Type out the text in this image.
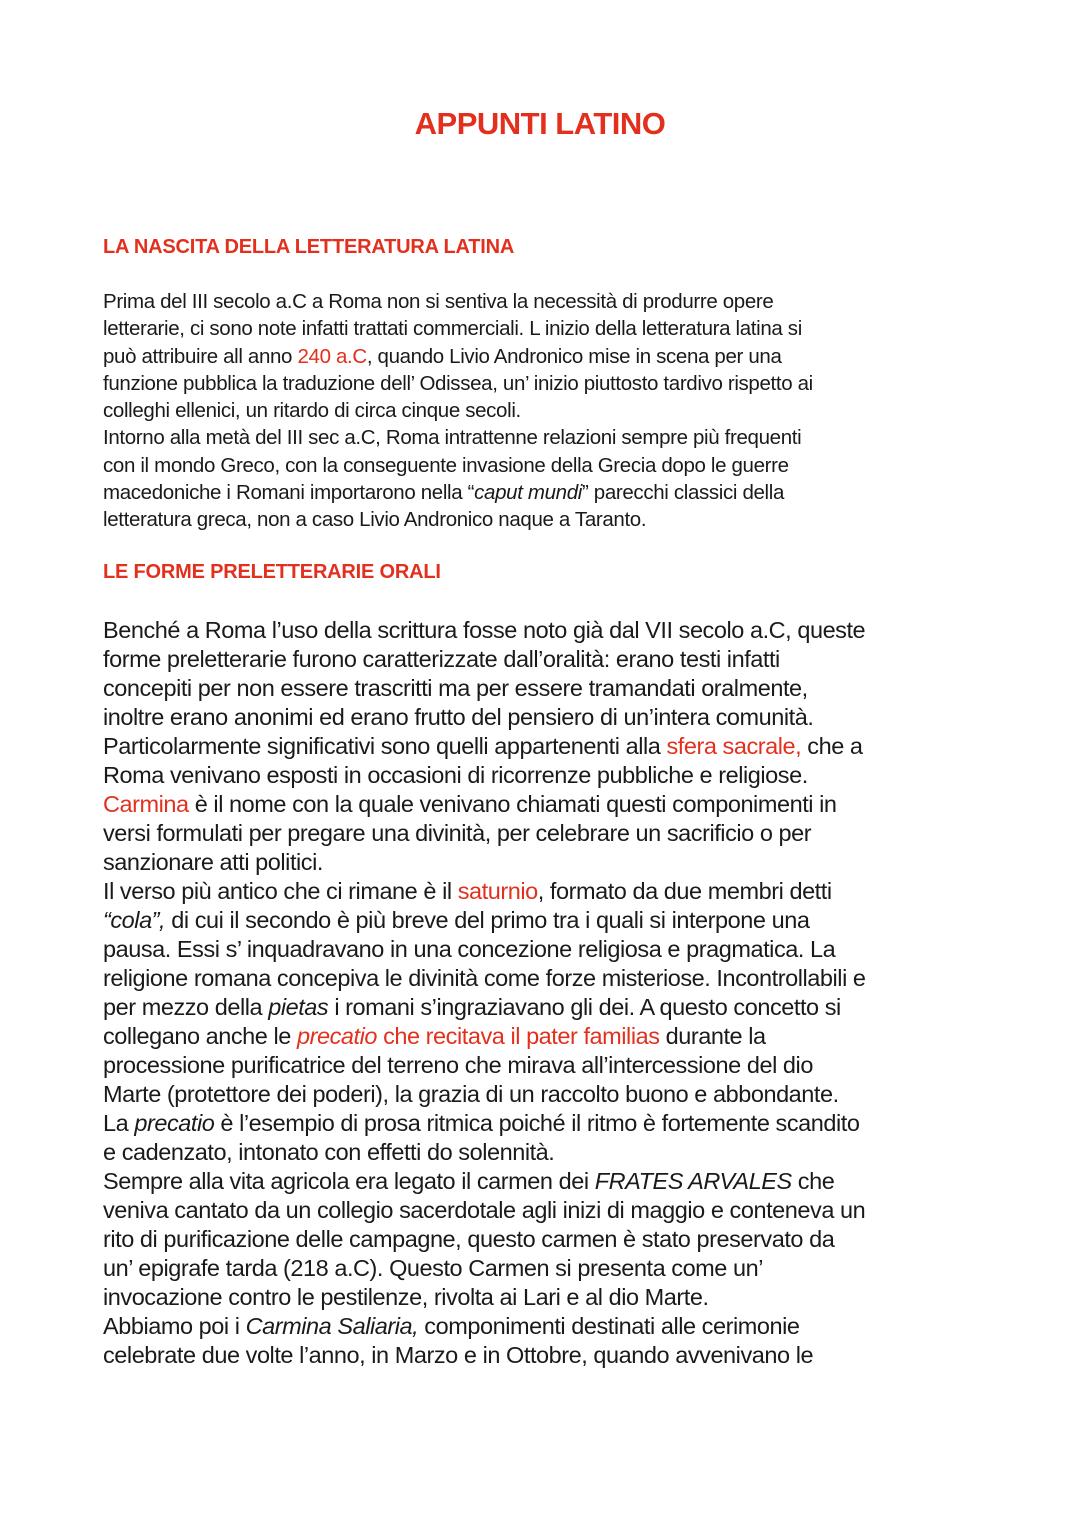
APPUNTI LATINO
LA NASCITA DELLA LETTERATURA LATINA
Prima del III secolo a.C a Roma non si sentiva la necessità di produrre opere
letterarie, ci sono note infatti trattati commerciali. L inizio della letteratura latina si
può attribuire all anno 240 a.C, quando Livio Andronico mise in scena per una
funzione pubblica la traduzione dell’ Odissea, un’ inizio piuttosto tardivo rispetto ai
colleghi ellenici, un ritardo di circa cinque secoli.
Intorno alla metà del III sec a.C, Roma intrattenne relazioni sempre più frequenti
con il mondo Greco, con la conseguente invasione della Grecia dopo le guerre
macedoniche i Romani importarono nella “caput mundi” parecchi classici della
letteratura greca, non a caso Livio Andronico naque a Taranto.
LE FORME PRELETTERARIE ORALI
Benché a Roma l’uso della scrittura fosse noto già dal VII secolo a.C, queste
forme preletterarie furono caratterizzate dall’oralità: erano testi infatti
concepiti per non essere trascritti ma per essere tramandati oralmente,
inoltre erano anonimi ed erano frutto del pensiero di un’intera comunità.
Particolarmente significativi sono quelli appartenenti alla sfera sacrale, che a
Roma venivano esposti in occasioni di ricorrenze pubbliche e religiose.
Carmina è il nome con la quale venivano chiamati questi componimenti in
versi formulati per pregare una divinità, per celebrare un sacrificio o per
sanzionare atti politici.
Il verso più antico che ci rimane è il saturnio, formato da due membri detti
“cola”, di cui il secondo è più breve del primo tra i quali si interpone una
pausa. Essi s’ inquadravano in una concezione religiosa e pragmatica. La
religione romana concepiva le divinità come forze misteriose. Incontrollabili e
per mezzo della pietas i romani s’ingraziavano gli dei. A questo concetto si
collegano anche le precatio che recitava il pater familias durante la
processione purificatrice del terreno che mirava all’intercessione del dio
Marte (protettore dei poderi), la grazia di un raccolto buono e abbondante.
La precatio è l’esempio di prosa ritmica poiché il ritmo è fortemente scandito
e cadenzato, intonato con effetti do solennità.
Sempre alla vita agricola era legato il carmen dei FRATES ARVALES che
veniva cantato da un collegio sacerdotale agli inizi di maggio e conteneva un
rito di purificazione delle campagne, questo carmen è stato preservato da
un’ epigrafe tarda (218 a.C). Questo Carmen si presenta come un’
invocazione contro le pestilenze, rivolta ai Lari e al dio Marte.
Abbiamo poi i Carmina Saliaria, componimenti destinati alle cerimonie
celebrate due volte l’anno, in Marzo e in Ottobre, quando avvenivano le
